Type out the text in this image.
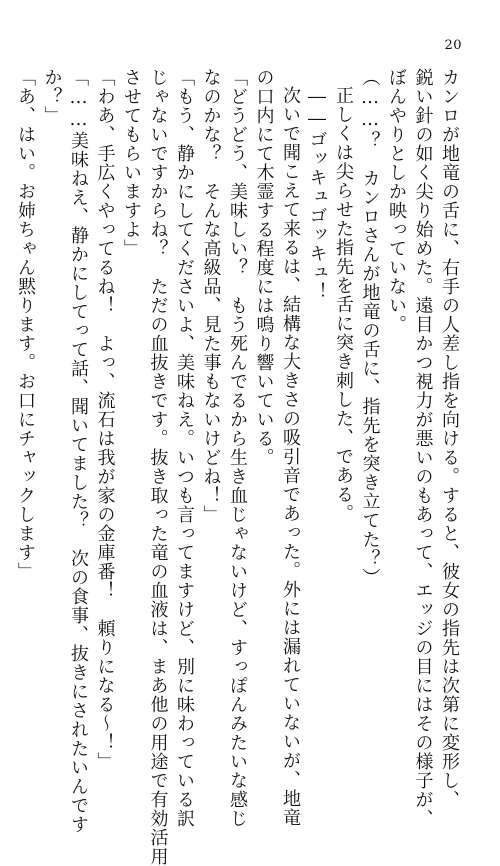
20
カンロが地竜の舌に、右手の人差し指を向ける。すると、彼女の指先は次第に変形し、
鋭い針の如く尖り始めた。遠目かつ視力が悪いのもあって、エッジの目にはその様子が、
ぼんやりとしか映っていない。
（……？　カンロさんが地竜の舌に、指先を突き立てた？）
正しくは尖らせた指先を舌に突き刺した、である。
――ゴッキュゴッキュ！
次いで聞こえて来るは、結構な大きさの吸引音であった。外には漏れていないが、地竜
の口内にて木霊する程度には鳴り響いている。
「どうどう、美味しい？　もう死んでるから生き血じゃないけど、すっぽんみたいな感じ
なのかな？　そんな高級品、見た事もないけどね！」
「もう、静かにしてくださいよ、美味ねえ。いつも言ってますけど、別に味わっている訳
じゃないですからね？　ただの血抜きです。抜き取った竜の血液は、まあ他の用途で有効活用
させてもらいますよ」
「わあ、手広くやってるね！　よっ、流石は我が家の金庫番！　頼りになる～！」
「……美味ねえ、静かにしてって話、聞いてました？　次の食事、抜きにされたいんです
か？」
「あ、はい。お姉ちゃん黙ります。お口にチャックします」
